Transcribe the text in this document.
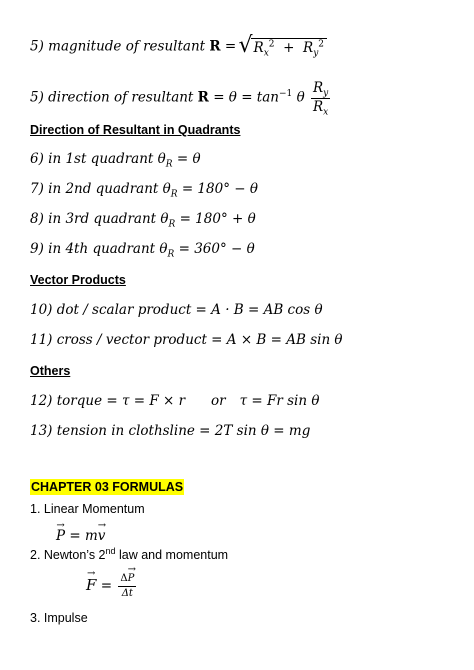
5) magnitude of resultant R = √ $R_x^2 + R_y^2$
5) direction of resultant $R = \theta = \tan^{-1} \theta \frac{R_y}{R_x}$
Direction of Resultant in Quadrants
6) in 1st quadrant $\theta_R = \theta$
7) in 2nd quadrant $\theta_R = 180^\circ - \theta$
8) in 3rd quadrant $\theta_R = 180^\circ + \theta$
9) in 4th quadrant $\theta_R = 360^\circ - \theta$
Vector Products
10) dot / scalar product = A · B = AB cos θ
11) cross / vector product = A × B = AB sin θ
Others
12) torque = τ = F × r or τ = Fr sin θ
13) tension in clothsline = 2T sin θ = mg
CHAPTER 03 FORMULAS
1. Linear Momentum
→ P = m→ v
2. Newton’s 2nd law and momentum
→ $F = \frac{\Delta\to P}{\Delta t}$
3. Impulse
